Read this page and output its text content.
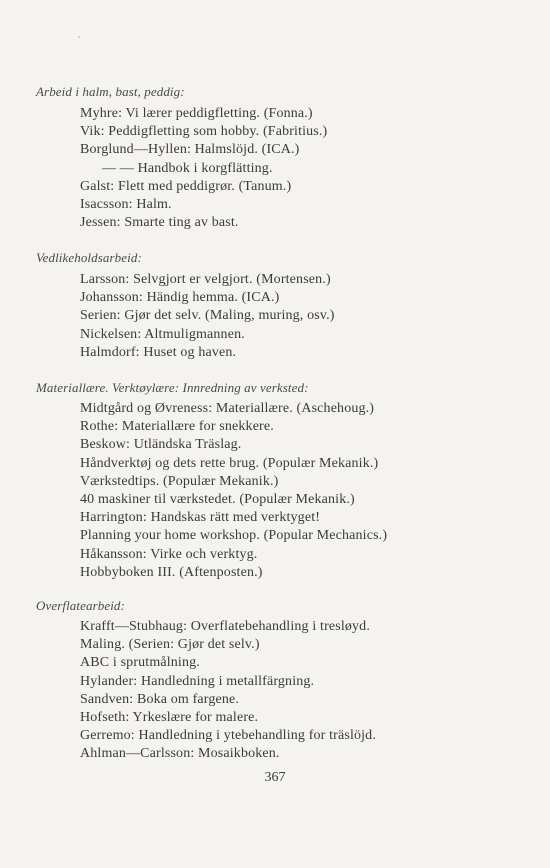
Arbeid i halm, bast, peddig:
Myhre: Vi lærer peddigfletting. (Fonna.)
Vik: Peddigfletting som hobby. (Fabritius.)
Borglund—Hyllen: Halmslöjd. (ICA.)
— — Handbok i korgflätting.
Galst: Flett med peddigrør. (Tanum.)
Isacsson: Halm.
Jessen: Smarte ting av bast.
Vedlikeholdsarbeid:
Larsson: Selvgjort er velgjort. (Mortensen.)
Johansson: Händig hemma. (ICA.)
Serien: Gjør det selv. (Maling, muring, osv.)
Nickelsen: Altmuligmannen.
Halmdorf: Huset og haven.
Materiallære. Verktøylære: Innredning av verksted:
Midtgård og Øvreness: Materiallære. (Aschehoug.)
Rothe: Materiallære for snekkere.
Beskow: Utländska Träslag.
Håndverktøj og dets rette brug. (Populær Mekanik.)
Værkstedtips. (Populær Mekanik.)
40 maskiner til værkstedet. (Populær Mekanik.)
Harrington: Handskas rätt med verktyget!
Planning your home workshop. (Popular Mechanics.)
Håkansson: Virke och verktyg.
Hobbyboken III. (Aftenposten.)
Overflatearbeid:
Krafft—Stubhaug: Overflatebehandling i tresløyd.
Maling. (Serien: Gjør det selv.)
ABC i sprutmålning.
Hylander: Handledning i metallfärgning.
Sandven: Boka om fargene.
Hofseth: Yrkeslære for malere.
Gerremo: Handledning i ytebehandling for träslöjd.
Ahlman—Carlsson: Mosaikboken.
367
